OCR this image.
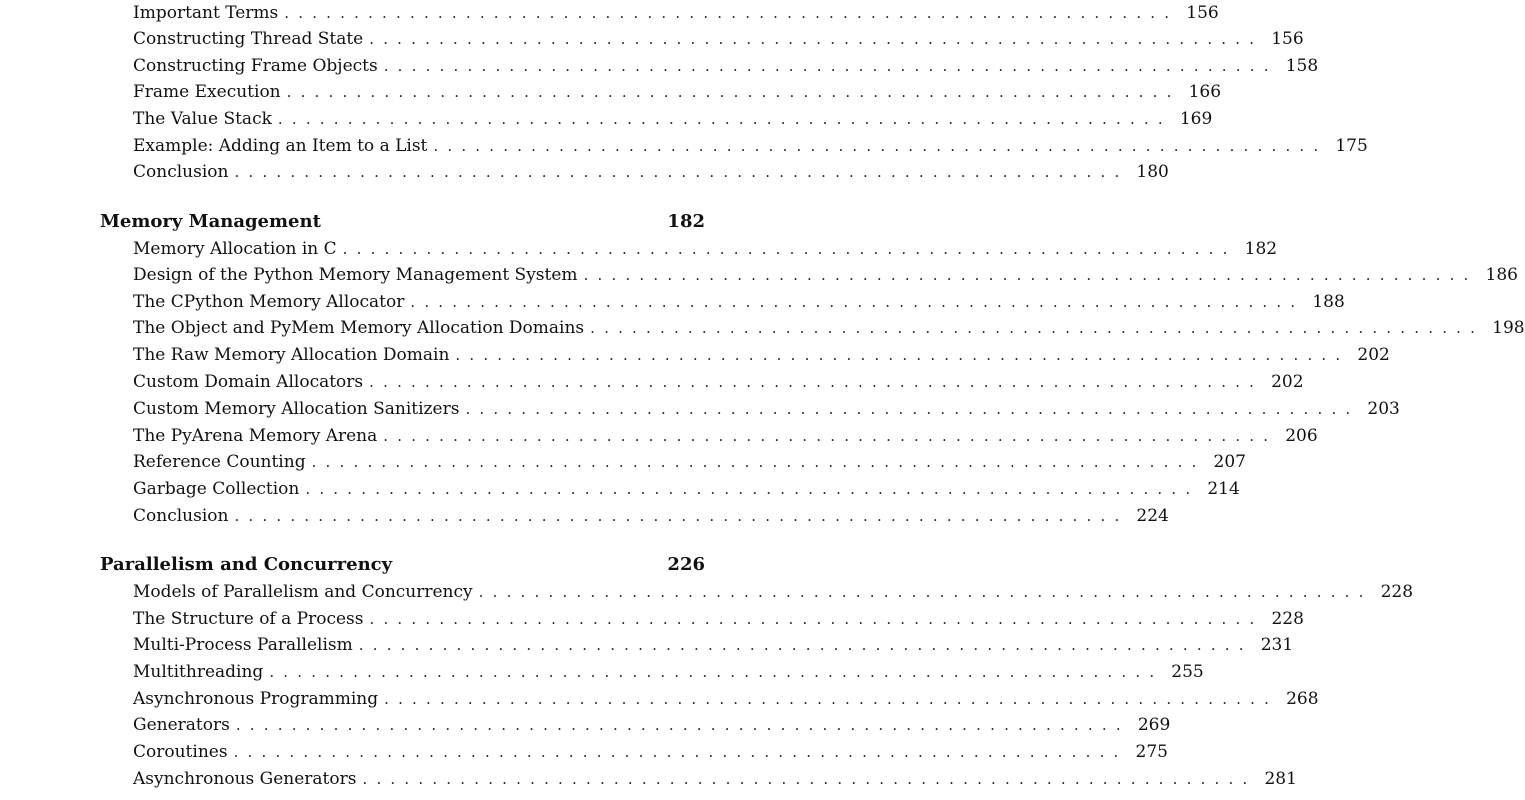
Important Terms ................................................................ 156
Constructing Thread State ................................................................ 156
Constructing Frame Objects ................................................................ 158
Frame Execution ................................................................ 166
The Value Stack ................................................................ 169
Example: Adding an Item to a List ................................................................ 175
Conclusion ................................................................ 180
Memory Management	182
Memory Allocation in C ................................................................ 182
Design of the Python Memory Management System ................................................................ 186
The CPython Memory Allocator ................................................................ 188
The Object and PyMem Memory Allocation Domains ................................................................ 198
The Raw Memory Allocation Domain ................................................................ 202
Custom Domain Allocators ................................................................ 202
Custom Memory Allocation Sanitizers ................................................................ 203
The PyArena Memory Arena ................................................................ 206
Reference Counting ................................................................ 207
Garbage Collection ................................................................ 214
Conclusion ................................................................ 224
Parallelism and Concurrency	226
Models of Parallelism and Concurrency ................................................................ 228
The Structure of a Process ................................................................ 228
Multi-Process Parallelism ................................................................ 231
Multithreading ................................................................ 255
Asynchronous Programming ................................................................ 268
Generators ................................................................ 269
Coroutines ................................................................ 275
Asynchronous Generators ................................................................ 281
